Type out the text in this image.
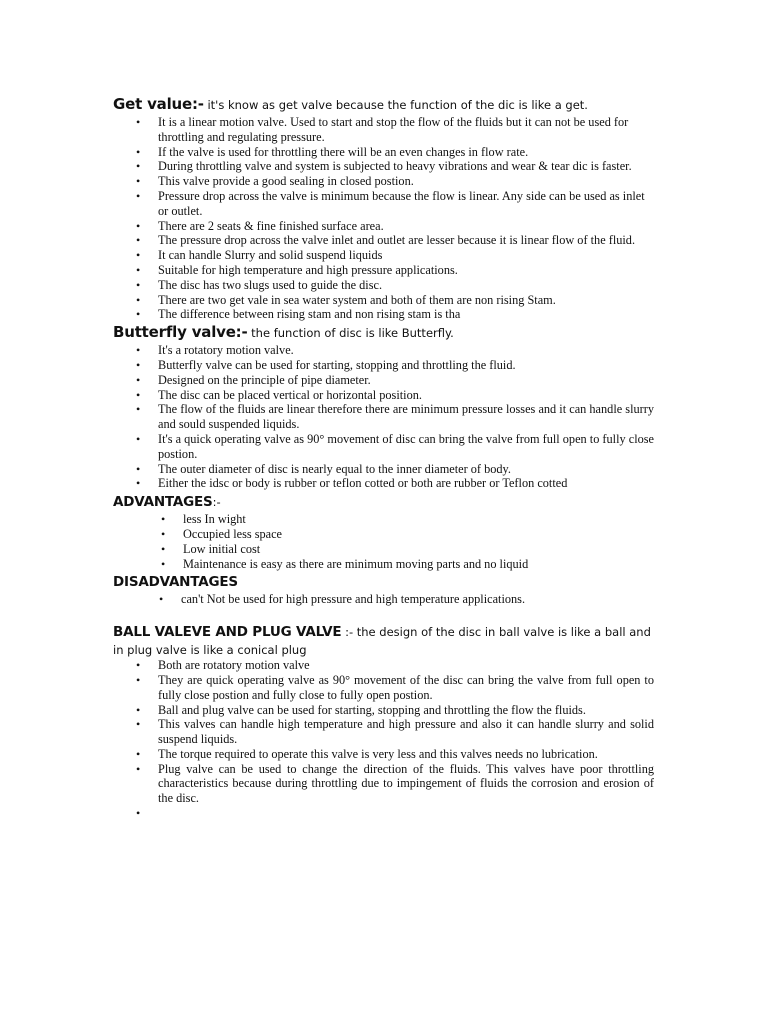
Get value:- it's know as get valve because the function of the dic is like a get.

• It is a linear motion valve. Used to start and stop the flow of the fluids but it can not be used for throttling and regulating pressure.
• If the valve is used for throttling there will be an even changes in flow rate.
• During throttling valve and system is subjected to heavy vibrations and wear & tear dic is faster.
• This valve provide a good sealing in closed postion.
• Pressure drop across the valve is minimum because the flow is linear. Any side can be used as inlet or outlet.
• There are 2 seats & fine finished surface area.
• The pressure drop across the valve inlet and outlet are lesser because it is linear flow of the fluid.
• It can handle Slurry and solid suspend liquids
• Suitable for high temperature and high pressure applications.
• The disc has two slugs used to guide the disc.
• There are two get vale in sea water system and both of them are non rising Stam.
• The difference between rising stam and non rising stam is tha

Butterfly valve:- the function of disc is like Butterfly.

• It's a rotatory motion valve.
• Butterfly valve can be used for starting, stopping and throttling the fluid.
• Designed on the principle of pipe diameter.
• The disc can be placed vertical or horizontal position.
• The flow of the fluids are linear therefore there are minimum pressure losses and it can handle slurry and sould suspended liquids.
• It's a quick operating valve as 90° movement of disc can bring the valve from full open to fully close postion.
• The outer diameter of disc is nearly equal to the inner diameter of body.
• Either the idsc or body is rubber or teflon cotted or both are rubber or Teflon cotted

ADVANTAGES:-

• less In wight
• Occupied less space
• Low initial cost
• Maintenance is easy as there are minimum moving parts and no liquid

DISADVANTAGES

• can't Not be used for high pressure and high temperature applications.

BALL VALEVE AND PLUG VALVE :- the design of the disc in ball valve is like a ball and in plug valve is like a conical plug

• Both are rotatory motion valve
• They are quick operating valve as 90° movement of the disc can bring the valve from full open to fully close postion and fully close to fully open postion.
• Ball and plug valve can be used for starting, stopping and throttling the flow the fluids.
• This valves can handle high temperature and high pressure and also it can handle slurry and solid suspend liquids.
• The torque required to operate this valve is very less and this valves needs no lubrication.
• Plug valve can be used to change the direction of the fluids. This valves have poor throttling characteristics because during throttling due to impingement of fluids the corrosion and erosion of the disc.
•
